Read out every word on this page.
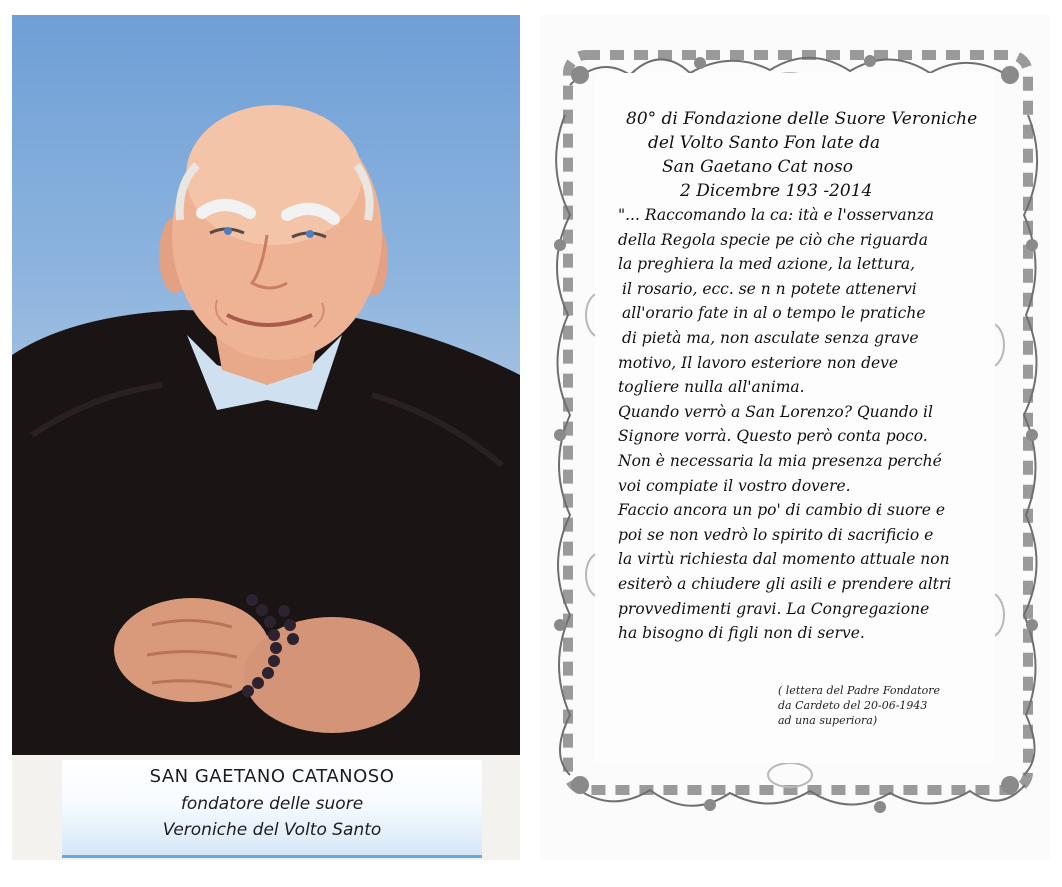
SAN GAETANO CATANOSO
fondatore delle suore
Veroniche del Volto Santo
80° di Fondazione delle Suore Veroniche
del Volto Santo Fon late da
San Gaetano Cat noso
2 Dicembre 193 -2014
"... Raccomando la ca: ità e l'osservanza
della Regola specie pe ciò che riguarda
la preghiera la med azione, la lettura,
il rosario, ecc. se n n potete attenervi
all'orario fate in al o tempo le pratiche
di pietà ma, non asculate senza grave
motivo, Il lavoro esteriore non deve
togliere nulla all'anima.
Quando verrò a San Lorenzo? Quando il
Signore vorrà. Questo però conta poco.
Non è necessaria la mia presenza perché
voi compiate il vostro dovere.
Faccio ancora un po' di cambio di suore e
poi se non vedrò lo spirito di sacrificio e
la virtù richiesta dal momento attuale non
esiterò a chiudere gli asili e prendere altri
provvedimenti gravi. La Congregazione
ha bisogno di figli non di serve.
( lettera del Padre Fondatore
da Cardeto del 20-06-1943
ad una superiora)
